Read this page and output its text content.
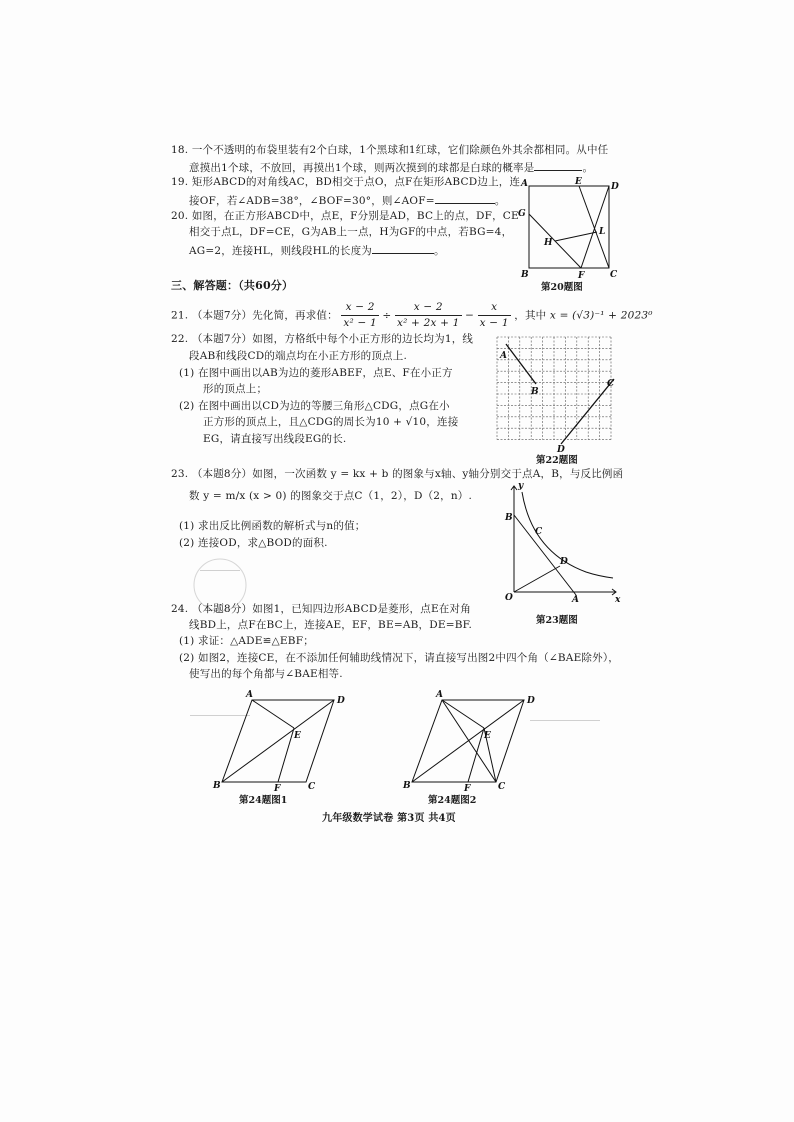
18. 一个不透明的布袋里装有2个白球，1个黑球和1红球，它们除颜色外其余都相同。从中任
意摸出1个球，不放回，再摸出1个球，则两次摸到的球都是白球的概率是	。
19. 矩形ABCD的对角线AC，BD相交于点O，点F在矩形ABCD边上，连
接OF，若∠ADB=38°，∠BOF=30°，则∠AOF=	。
20. 如图，在正方形ABCD中，点E，F分别是AD，BC上的点，DF，CE
相交于点L，DF=CE，G为AB上一点，H为GF的中点，若BG=4，
AG=2，连接HL，则线段HL的长度为	。
A	E	D
G
L
H
B	F	C
第20题图
三、解答题：（共60分）
21. （本题7分）先化简，再求值： $\frac{x - 2}{\text{x² − 1}} \div \frac{x - 2}{\text{x² + 2x + 1}} - \frac{x}{x - 1}$ ，其中 x = (√3)⁻¹ + 2023⁰
22. （本题7分）如图，方格纸中每个小正方形的边长均为1，线
段AB和线段CD的端点均在小正方形的顶点上.
(1) 在图中画出以AB为边的菱形ABEF，点E、F在小正方
形的顶点上；
(2) 在图中画出以CD为边的等腰三角形△CDG，点G在小
正方形的顶点上，且△CDG的周长为10 + √10，连接
EG，请直接写出线段EG的长.
A
B
C
D
第22题图
23. （本题8分）如图，一次函数 y = kx + b 的图象与x轴、y轴分别交于点A，B，与反比例函
数 y = m/x (x > 0) 的图象交于点C（1，2），D（2，n）.
(1) 求出反比例函数的解析式与n的值；
(2) 连接OD，求△BOD的面积.
y
x
B
C
D
O	A
第23题图
24. （本题8分）如图1，已知四边形ABCD是菱形，点E在对角
线BD上，点F在BC上，连接AE，EF，BE=AB，DE=BF.
(1) 求证：△ADE≌△EBF；
(2) 如图2，连接CE，在不添加任何辅助线情况下，请直接写出图2中四个角（∠BAE除外），
使写出的每个角都与∠BAE相等.
A
D
E
B	F	C
第24题图1
A
D
E
B	F	C
第24题图2
九年级数学试卷 第3页 共4页
